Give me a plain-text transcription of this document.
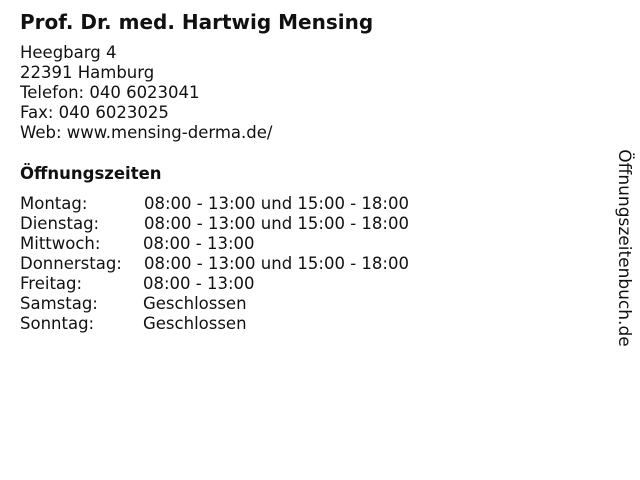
Prof. Dr. med. Hartwig Mensing
Heegbarg 4
22391 Hamburg
Telefon: 040 6023041
Fax: 040 6023025
Web: www.mensing-derma.de/
Öffnungszeiten
Montag:	08:00 - 13:00 und 15:00 - 18:00
Dienstag:	08:00 - 13:00 und 15:00 - 18:00
Mittwoch:	08:00 - 13:00
Donnerstag: 08:00 - 13:00 und 15:00 - 18:00
Freitag:	08:00 - 13:00
Samstag:	Geschlossen
Sonntag:	Geschlossen	Öffnungszeitenbuch.de
